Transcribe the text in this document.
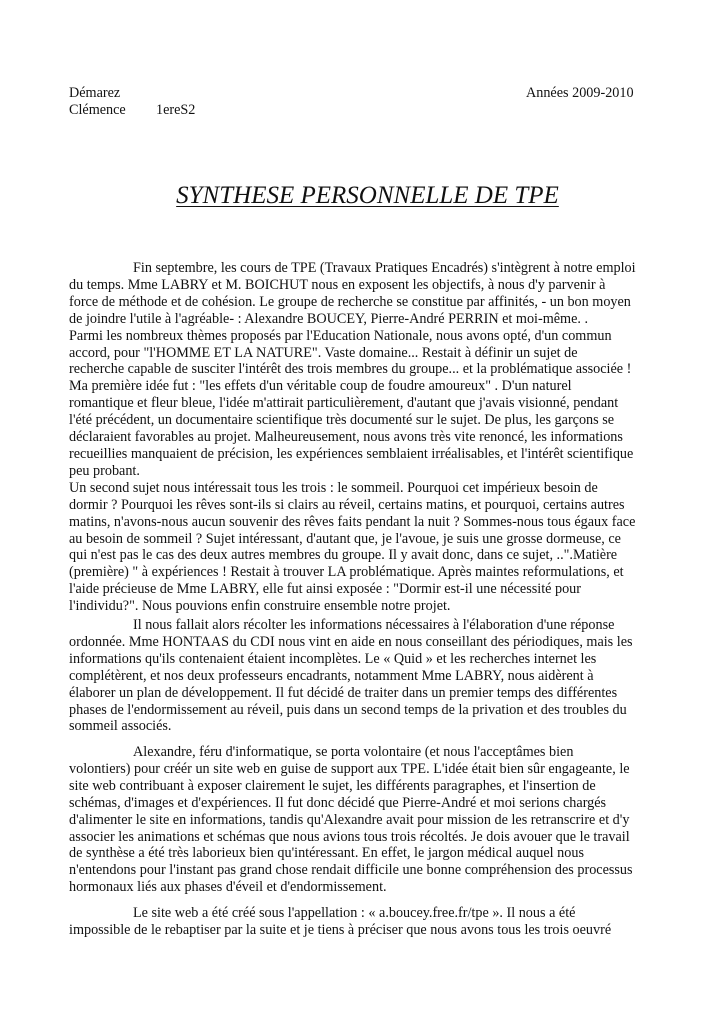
Démarez
Clémence 1ereS2
Années 2009-2010
SYNTHESE PERSONNELLE DE TPE

Fin septembre, les cours de TPE (Travaux Pratiques Encadrés) s'intègrent à notre emploi
du temps. Mme LABRY et M. BOICHUT nous en exposent les objectifs, à nous d'y parvenir à
force de méthode et de cohésion. Le groupe de recherche se constitue par affinités, - un bon moyen
de joindre l'utile à l'agréable- : Alexandre BOUCEY, Pierre-André PERRIN et moi-même. .
Parmi les nombreux thèmes proposés par l'Education Nationale, nous avons opté, d'un commun
accord, pour "l'HOMME ET LA NATURE". Vaste domaine... Restait à définir un sujet de
recherche capable de susciter l'intérêt des trois membres du groupe... et la problématique associée !
Ma première idée fut : "les effets d'un véritable coup de foudre amoureux" . D'un naturel
romantique et fleur bleue, l'idée m'attirait particulièrement, d'autant que j'avais visionné, pendant
l'été précédent, un documentaire scientifique très documenté sur le sujet. De plus, les garçons se
déclaraient favorables au projet. Malheureusement, nous avons très vite renoncé, les informations
recueillies manquaient de précision, les expériences semblaient irréalisables, et l'intérêt scientifique
peu probant.
Un second sujet nous intéressait tous les trois : le sommeil. Pourquoi cet impérieux besoin de
dormir ? Pourquoi les rêves sont-ils si clairs au réveil, certains matins, et pourquoi, certains autres
matins, n'avons-nous aucun souvenir des rêves faits pendant la nuit ? Sommes-nous tous égaux face
au besoin de sommeil ? Sujet intéressant, d'autant que, je l'avoue, je suis une grosse dormeuse, ce
qui n'est pas le cas des deux autres membres du groupe. Il y avait donc, dans ce sujet, ..".Matière
(première) " à expériences ! Restait à trouver LA problématique. Après maintes reformulations, et
l'aide précieuse de Mme LABRY, elle fut ainsi exposée : "Dormir est-il une nécessité pour
l'individu?". Nous pouvions enfin construire ensemble notre projet.

Il nous fallait alors récolter les informations nécessaires à l'élaboration d'une réponse
ordonnée. Mme HONTAAS du CDI nous vint en aide en nous conseillant des périodiques, mais les
informations qu'ils contenaient étaient incomplètes. Le « Quid » et les recherches internet les
complétèrent, et nos deux professeurs encadrants, notamment Mme LABRY, nous aidèrent à
élaborer un plan de développement. Il fut décidé de traiter dans un premier temps des différentes
phases de l'endormissement au réveil, puis dans un second temps de la privation et des troubles du
sommeil associés.

Alexandre, féru d'informatique, se porta volontaire (et nous l'acceptâmes bien
volontiers) pour créér un site web en guise de support aux TPE. L'idée était bien sûr engageante, le
site web contribuant à exposer clairement le sujet, les différents paragraphes, et l'insertion de
schémas, d'images et d'expériences. Il fut donc décidé que Pierre-André et moi serions chargés
d'alimenter le site en informations, tandis qu'Alexandre avait pour mission de les retranscrire et d'y
associer les animations et schémas que nous avions tous trois récoltés. Je dois avouer que le travail
de synthèse a été très laborieux bien qu'intéressant. En effet, le jargon médical auquel nous
n'entendons pour l'instant pas grand chose rendait difficile une bonne compréhension des processus
hormonaux liés aux phases d'éveil et d'endormissement.

Le site web a été créé sous l'appellation : « a.boucey.free.fr/tpe ». Il nous a été
impossible de le rebaptiser par la suite et je tiens à préciser que nous avons tous les trois oeuvré
